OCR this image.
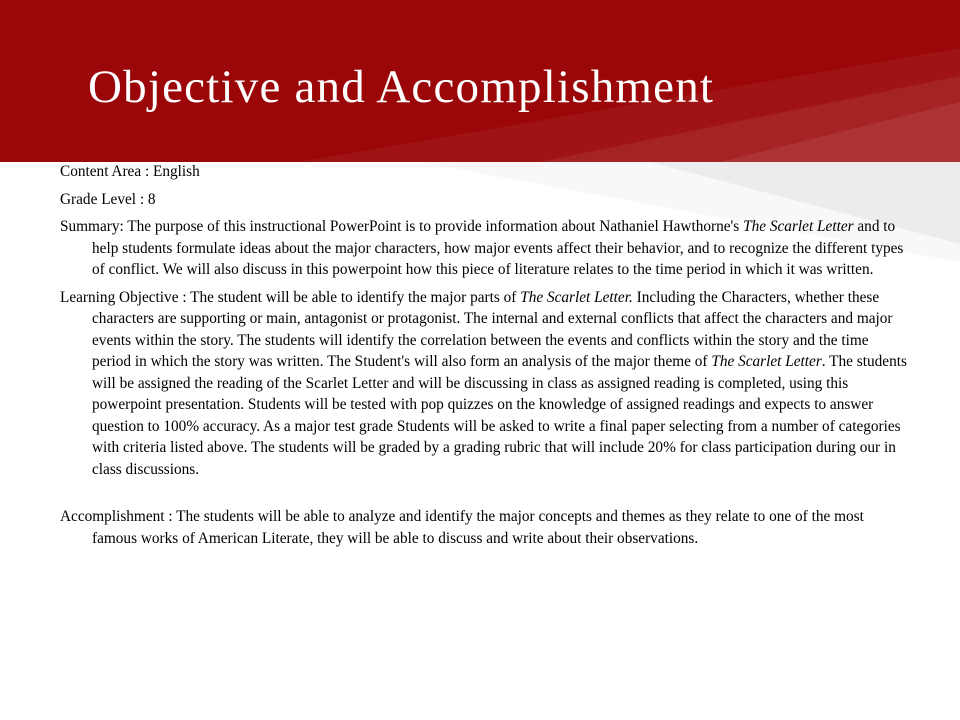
Objective and Accomplishment

Content Area : English

Grade Level : 8

Summary: The purpose of this instructional PowerPoint is to provide information about Nathaniel Hawthorne's The Scarlet Letter and to help students formulate ideas about the major characters, how major events affect their behavior, and to recognize the different types of conflict. We will also discuss in this powerpoint how this piece of literature relates to the time period in which it was written.

Learning Objective : The student will be able to identify the major parts of The Scarlet Letter. Including the Characters, whether these characters are supporting or main, antagonist or protagonist. The internal and external conflicts that affect the characters and major events within the story. The students will identify the correlation between the events and conflicts within the story and the time period in which the story was written. The Student's will also form an analysis of the major theme of The Scarlet Letter. The students will be assigned the reading of the Scarlet Letter and will be discussing in class as assigned reading is completed, using this powerpoint presentation. Students will be tested with pop quizzes on the knowledge of assigned readings and expects to answer question to 100% accuracy. As a major test grade Students will be asked to write a final paper selecting from a number of categories with criteria listed above. The students will be graded by a grading rubric that will include 20% for class participation during our in class discussions.

Accomplishment : The students will be able to analyze and identify the major concepts and themes as they relate to one of the most famous works of American Literate, they will be able to discuss and write about their observations.
